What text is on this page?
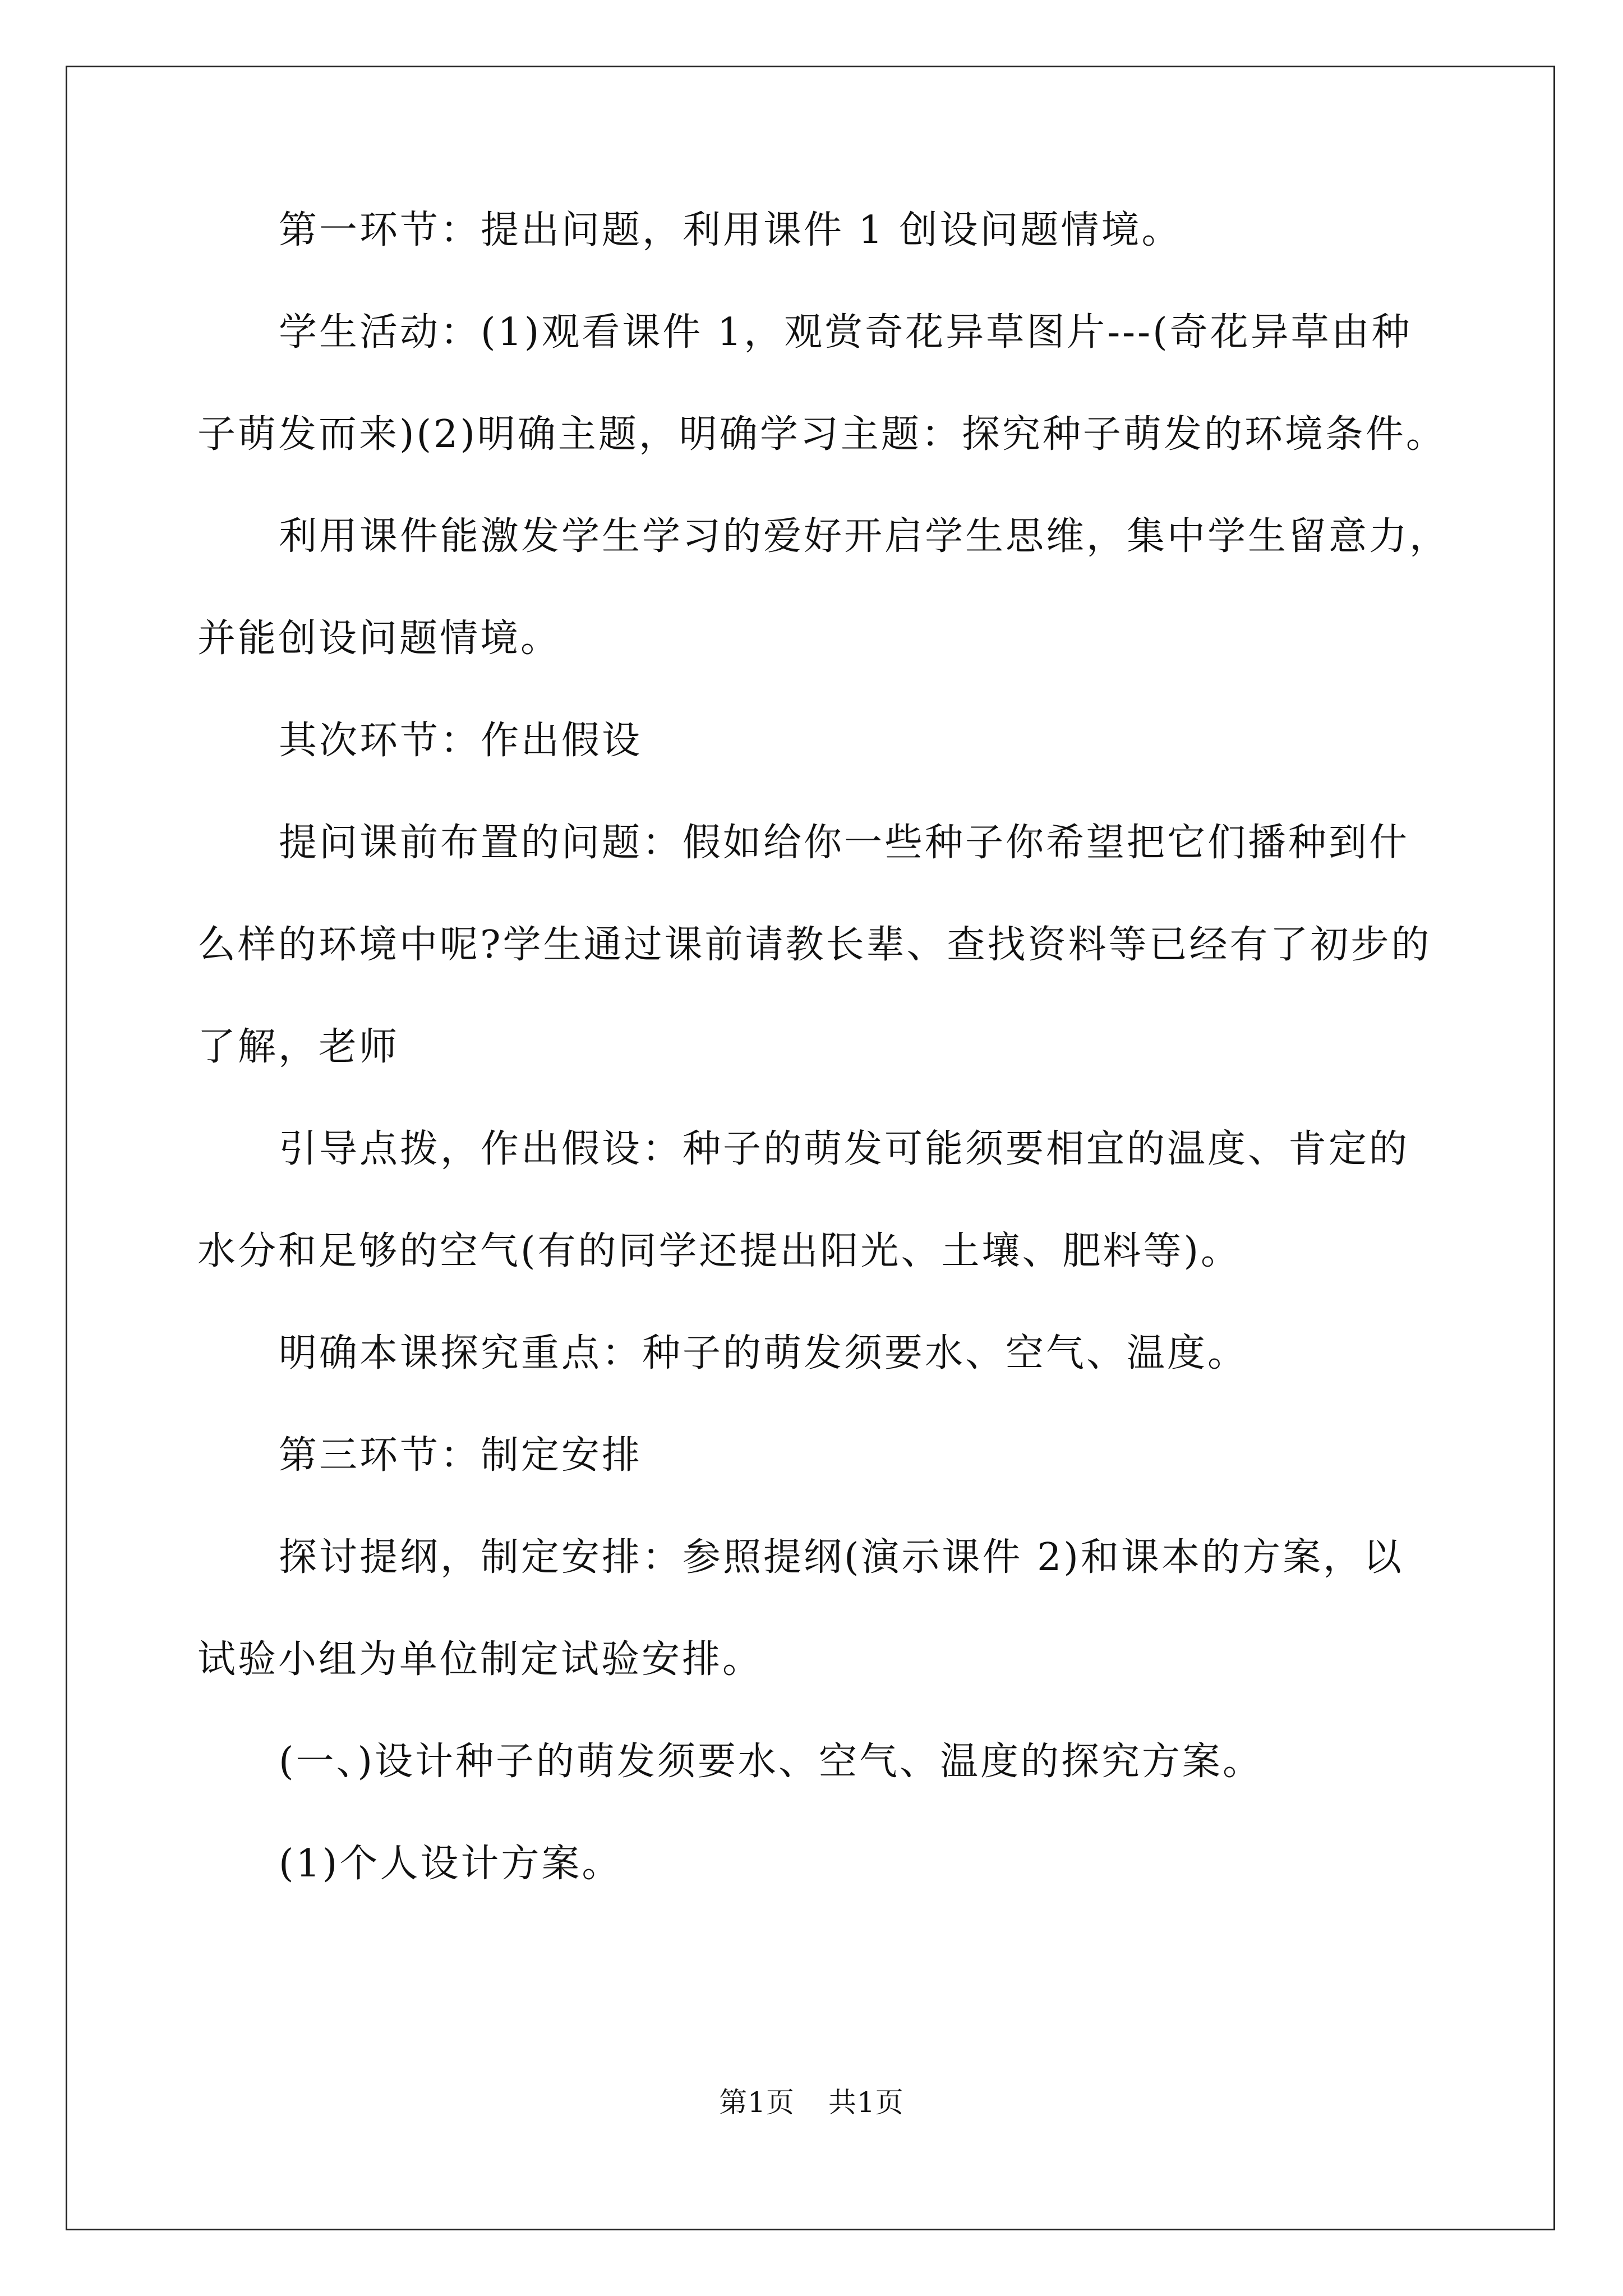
第一环节：提出问题，利用课件 1 创设问题情境。

学生活动：(1)观看课件 1，观赏奇花异草图片---(奇花异草由种

子萌发而来)(2)明确主题，明确学习主题：探究种子萌发的环境条件。

利用课件能激发学生学习的爱好开启学生思维，集中学生留意力，

并能创设问题情境。

其次环节：作出假设

提问课前布置的问题：假如给你一些种子你希望把它们播种到什

么样的环境中呢?学生通过课前请教长辈、查找资料等已经有了初步的

了解，老师

引导点拨，作出假设：种子的萌发可能须要相宜的温度、肯定的

水分和足够的空气(有的同学还提出阳光、土壤、肥料等)。

明确本课探究重点：种子的萌发须要水、空气、温度。

第三环节：制定安排

探讨提纲，制定安排：参照提纲(演示课件 2)和课本的方案，以

试验小组为单位制定试验安排。

(一、)设计种子的萌发须要水、空气、温度的探究方案。

(1)个人设计方案。

第1页 共1页
